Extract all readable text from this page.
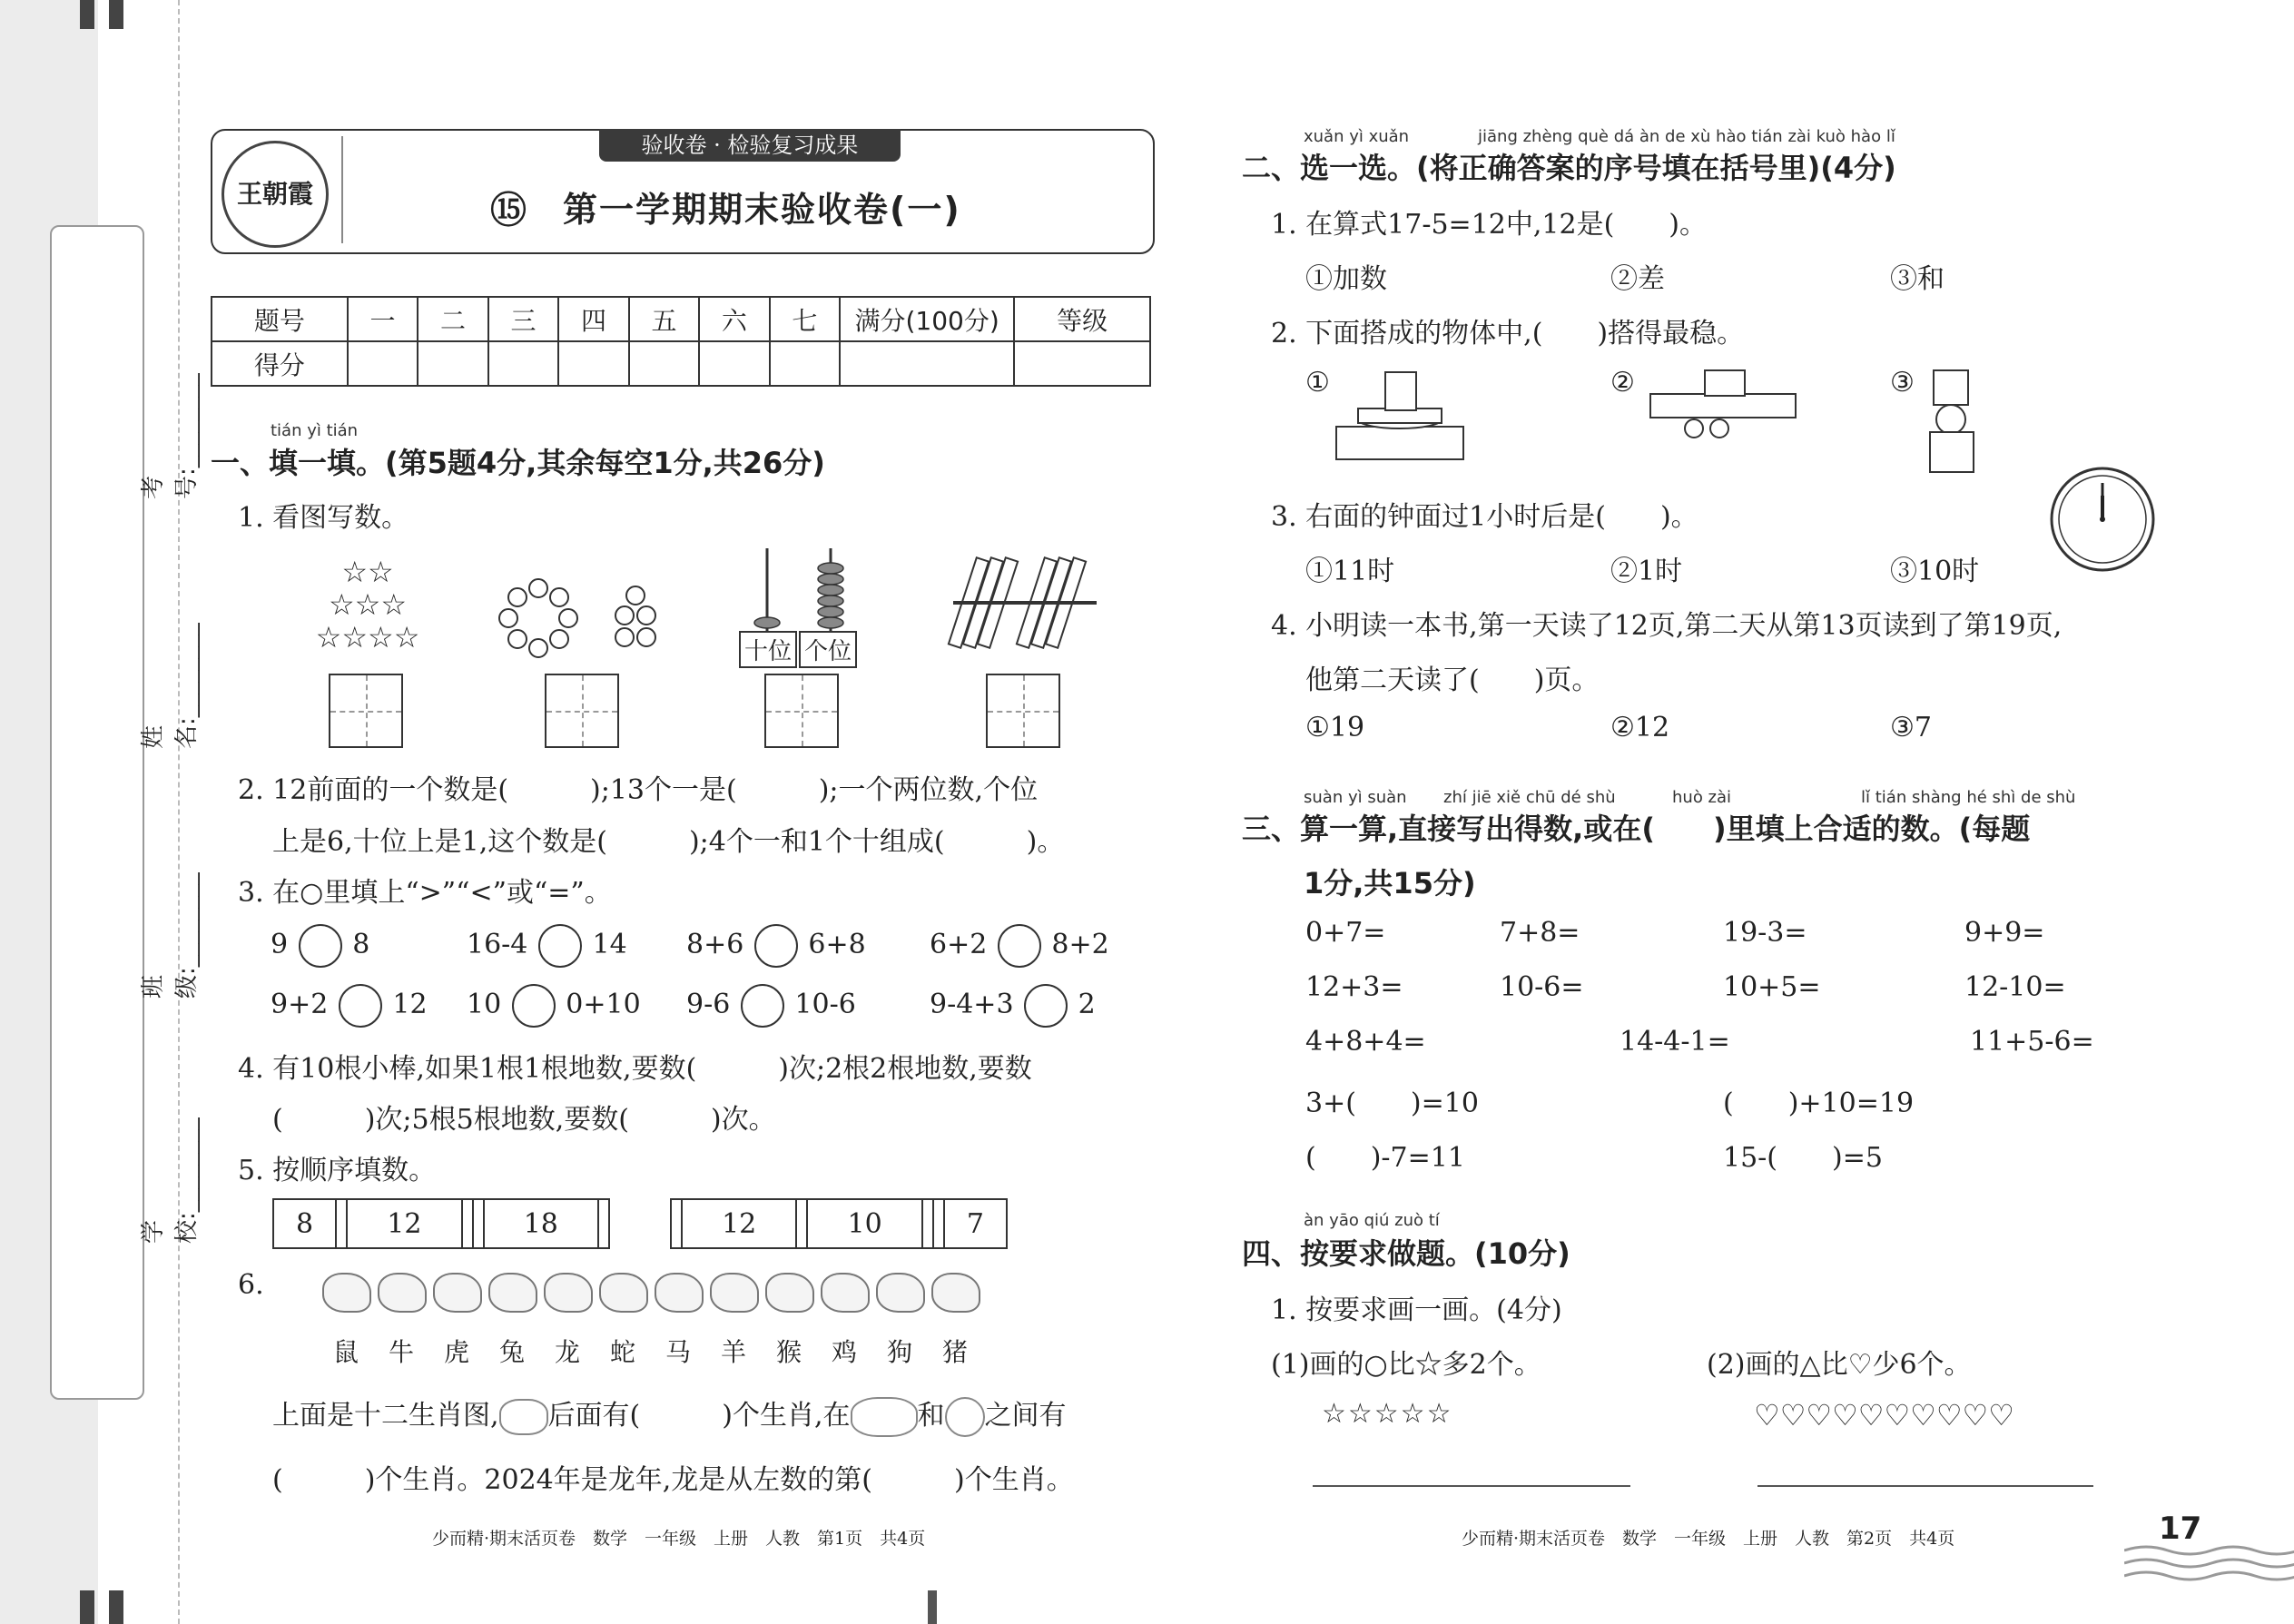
学校:________
班级:________
姓名:________
考号:________
验收卷 · 检验复习成果
王朝霞	⑮ 第一学期期末验收卷(一)
题号	一	二	三	四	五	六	七	满分(100分)	等级
得分									
tián yì tián
一、填一填。(第5题4分,其余每空1分,共26分)
1. 看图写数。
☆☆
☆☆☆
☆☆☆☆	十位 个位
2. 12前面的一个数是(　　　);13个一是(　　　);一个两位数,个位
上是6,十位上是1,这个数是(　　　);4个一和1个十组成(　　　)。
3. 在○里填上“>”“<”或“=”。
9 8	16-4 14 8+6 6+8 6+2 8+2
9+2 12 10 0+10 9-6 10-6	9-4+3 2
4. 有10根小棒,如果1根1根地数,要数(　　　)次;2根2根地数,要数
(　　　)次;5根5根地数,要数(　　　)次。
5. 按顺序填数。
8		12			18	
		12		10			7
6.
鼠 牛 虎 兔 龙 蛇 马 羊 猴 鸡 狗 猪
上面是十二生肖图, 后面有(　　　)个生肖,在 和 之间有
(　　　)个生肖。2024年是龙年,龙是从左数的第(　　　)个生肖。
少而精·期末活页卷　数学　一年级　上册　人教　第1页　共4页
xuǎn yì xuǎn	jiāng zhèng què dá àn de xù hào tián zài kuò hào lǐ
二、选一选。(将正确答案的序号填在括号里)(4分)
1. 在算式17-5=12中,12是(　　)。
①加数	②差	③和
2. 下面搭成的物体中,(　　)搭得最稳。
①	②	③
3. 右面的钟面过1小时后是(　　)。
①11时	②1时	③10时
4. 小明读一本书,第一天读了12页,第二天从第13页读到了第19页,
他第二天读了(　　)页。
①19	②12	③7
suàn yì suàn zhí jiē xiě chū dé shù	huò zài	lǐ tián shàng hé shì de shù
三、算一算,直接写出得数,或在(　　)里填上合适的数。(每题
1分,共15分)
0+7=	7+8=	19-3=	9+9=
12+3=	10-6=	10+5=	12-10=
4+8+4=	14-4-1=	11+5-6=
3+(　　)=10	(　　)+10=19
(　　)-7=11	15-(　　)=5
àn yāo qiú zuò tí
四、按要求做题。(10分)
1. 按要求画一画。(4分)
(1)画的○比☆多2个。	(2)画的△比♡少6个。
☆☆☆☆☆	♡♡♡♡♡♡♡♡♡♡
少而精·期末活页卷　数学　一年级　上册　人教　第2页　共4页	17
